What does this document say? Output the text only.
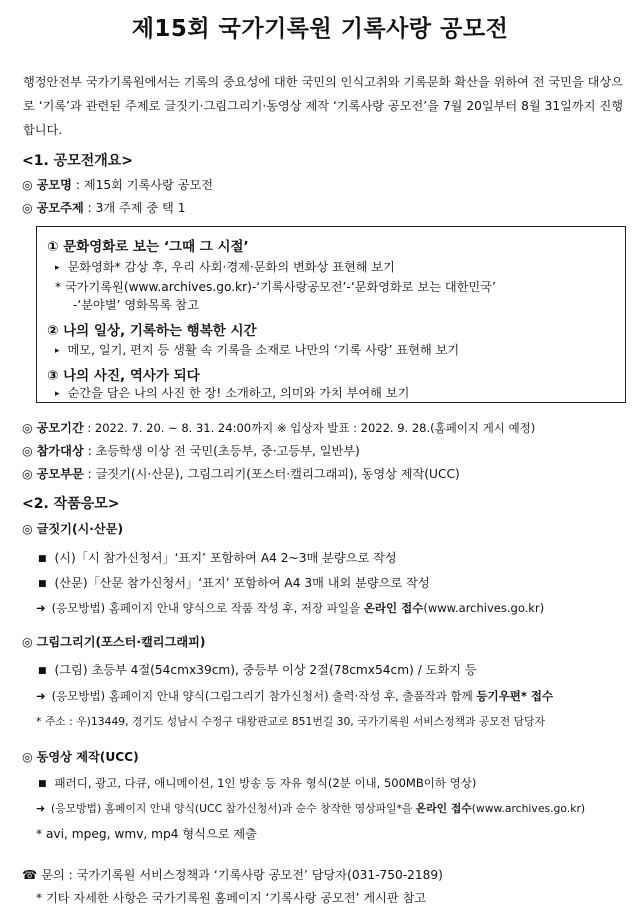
제15회 국가기록원 기록사랑 공모전
행정안전부 국가기록원에서는 기록의 중요성에 대한 국민의 인식고취와 기록문화 확산을 위하여 전 국민을 대상으로 ‘기록’과 관련된 주제로 글짓기·그림그리기·동영상 제작 ‘기록사랑 공모전’을 7월 20일부터 8월 31일까지 진행합니다.
<1. 공모전개요>
◎ 공모명 : 제15회 기록사랑 공모전
◎ 공모주제 : 3개 주제 중 택 1
① 문화영화로 보는 ‘그때 그 시절’
▸ 문화영화* 감상 후, 우리 사회·경제·문화의 변화상 표현해 보기
* 국가기록원(www.archives.go.kr)-‘기록사랑공모전’-‘문화영화로 보는 대한민국’
-‘분야별’ 영화목록 참고
② 나의 일상, 기록하는 행복한 시간
▸ 메모, 일기, 편지 등 생활 속 기록을 소재로 나만의 ‘기록 사랑’ 표현해 보기
③ 나의 사진, 역사가 되다
▸ 순간을 담은 나의 사진 한 장! 소개하고, 의미와 가치 부여해 보기
◎ 공모기간 : 2022. 7. 20. ~ 8. 31. 24:00까지 ※ 입상자 발표 : 2022. 9. 28.(홈페이지 게시 예정)
◎ 참가대상 : 초등학생 이상 전 국민(초등부, 중·고등부, 일반부)
◎ 공모부문 : 글짓기(시·산문), 그림그리기(포스터·캘리그래피), 동영상 제작(UCC)
<2. 작품응모>
◎ 글짓기(시·산문)
■ (시)「시 참가신청서」‘표지’ 포함하여 A4 2~3매 분량으로 작성
■ (산문)「산문 참가신청서」‘표지’ 포함하여 A4 3매 내외 분량으로 작성
➜ (응모방법) 홈페이지 안내 양식으로 작품 작성 후, 저장 파일을 온라인 접수(www.archives.go.kr)
◎ 그림그리기(포스터·캘리그래피)
■ (그림) 초등부 4절(54cmx39cm), 중등부 이상 2절(78cmx54cm) / 도화지 등
➜ (응모방법) 홈페이지 안내 양식(그림그리기 참가신청서) 출력·작성 후, 출품작과 함께 등기우편* 접수
* 주소 : 우)13449, 경기도 성남시 수정구 대왕판교로 851번길 30, 국가기록원 서비스정책과 공모전 담당자
◎ 동영상 제작(UCC)
■ 패러디, 광고, 다큐, 애니메이션, 1인 방송 등 자유 형식(2분 이내, 500MB이하 영상)
➜ (응모방법) 홈페이지 안내 양식(UCC 참가신청서)과 순수 창작한 영상파일*을 온라인 접수(www.archives.go.kr)
* avi, mpeg, wmv, mp4 형식으로 제출
☎ 문의 : 국가기록원 서비스정책과 ‘기록사랑 공모전’ 담당자(031-750-2189)
* 기타 자세한 사항은 국가기록원 홈페이지 ‘기록사랑 공모전’ 게시판 참고
